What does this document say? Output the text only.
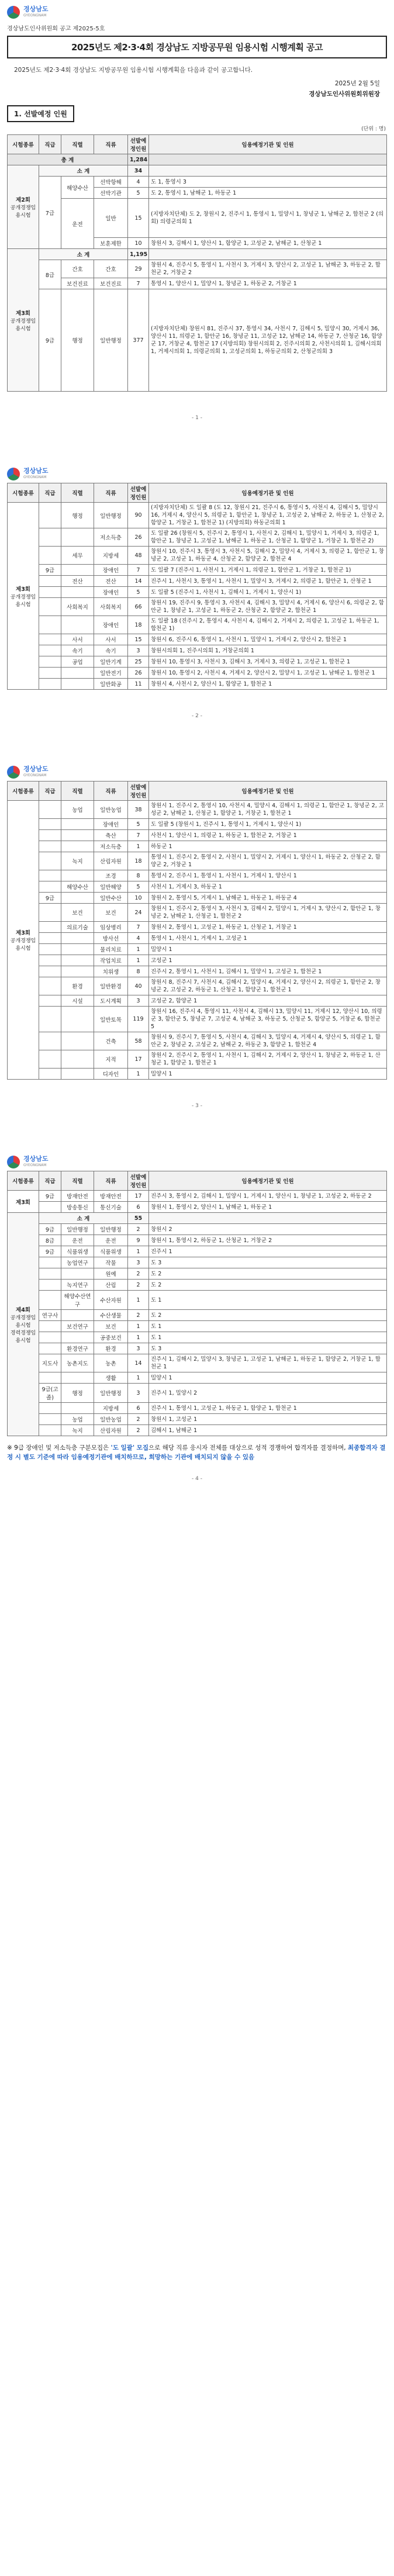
경상남도
GYEONGNAM
경상남도인사위원회 공고 제2025-5호
2025년도 제2·3·4회 경상남도 지방공무원 임용시험 시행계획 공고
2025년도 제2·3·4회 경상남도 지방공무원 임용시험 시행계획을 다음과 같이 공고합니다.
2025년 2월 5일
경상남도인사위원회위원장
1. 선발예정 인원
(단위 : 명)
시험종류	직급	직렬	직류	선발예정인원	임용예정기관 및 인원
총 계				1,284	

제2회
공개경쟁임용시험	소 계			34	
	7급	해양수산	선박항해	4	도 1, 통영시 3
			선박기관	5	도 2, 통영시 1, 남해군 1, 하동군 1
		운전	일반	15	(지방자치단체) 도 2, 창원시 2, 진주시 1, 통영시 1, 밀양시 1, 창녕군 1, 남해군 2, 합천군 2 (의회) 의령군의회 1
			보훈제한	10	창원시 3, 김해시 1, 양산시 1, 함양군 1, 고성군 2, 남해군 1, 산청군 1

제3회
공개경쟁임용시험	소 계			1,195	
	8급	간호	간호	29	창원시 4, 진주시 5, 통영시 1, 사천시 3, 거제시 3, 양산시 2, 고성군 1, 남해군 3, 하동군 2, 합천군 2, 거창군 2
		보건진료	보건진료	7	통영시 1, 양산시 1, 밀양시 1, 창녕군 1, 하동군 2, 거창군 1
	9급	행정	일반행정	377	(지방자치단체) 창원시 81, 진주시 37, 통영시 34, 사천시 7, 김해시 5, 밀양시 30, 거제시 36, 양산시 11, 의령군 1, 함안군 16, 창녕군 11, 고성군 12, 남해군 14, 하동군 7, 산청군 16, 함양군 17, 거창군 4, 합천군 17 (지방의회) 창원시의회 2, 진주시의회 2, 사천시의회 1, 김해시의회 1, 거제시의회 1, 의령군의회 1, 고성군의회 1, 하동군의회 2, 산청군의회 3
- 1 -
경상남도
GYEONGNAM
시험종류	직급	직렬	직류	선발예정인원	임용예정기관 및 인원

제3회
공개경쟁임용시험		행정	일반행정	90	(지방자치단체) 도 일괄 8 (도 12, 창원시 21, 진주시 6, 통영시 5, 사천시 4, 김해시 5, 밀양시 16, 거제시 4, 양산시 5, 의령군 1, 함안군 1, 창녕군 1, 고성군 2, 남해군 2, 하동군 1, 산청군 2, 함양군 1, 거창군 1, 합천군 1) (지방의회) 하동군의회 1
			저소득층	26	도 일괄 26 (창원시 5, 진주시 2, 통영시 1, 사천시 2, 김해시 1, 밀양시 1, 거제시 3, 의령군 1, 함안군 1, 창녕군 1, 고성군 1, 남해군 1, 하동군 1, 산청군 1, 함양군 1, 거창군 1, 합천군 2)
		세무	지방세	48	창원시 10, 진주시 3, 통영시 3, 사천시 5, 김해시 2, 밀양시 4, 거제시 3, 의령군 1, 함안군 1, 창녕군 2, 고성군 1, 하동군 4, 산청군 2, 함양군 2, 합천군 4
	9급		장애인	7	도 일괄 7 (진주시 1, 사천시 1, 거제시 1, 의령군 1, 함안군 1, 거창군 1, 합천군 1)
		전산	전산	14	진주시 1, 사천시 3, 통영시 1, 사천시 1, 밀양시 3, 거제시 2, 의령군 1, 함안군 1, 산청군 1
			장애인	5	도 일괄 5 (진주시 1, 사천시 1, 김해시 1, 거제시 1, 양산시 1)
		사회복지	사회복지	66	창원시 19, 진주시 9, 통영시 3, 사천시 4, 김해시 3, 밀양시 4, 거제시 6, 양산시 6, 의령군 2, 함안군 1, 창녕군 1, 고성군 1, 하동군 2, 산청군 2, 함양군 2, 합천군 1
			장애인	18	도 일괄 18 (진주시 2, 통영시 4, 사천시 4, 김해시 2, 거제시 2, 의령군 1, 고성군 1, 하동군 1, 합천군 1)
		사서	사서	15	창원시 6, 진주시 6, 통영시 1, 사천시 1, 밀양시 1, 거제시 2, 양산시 2, 합천군 1
		속기	속기	3	창원시의회 1, 진주시의회 1, 거창군의회 1
		공업	일반기계	25	창원시 10, 통영시 3, 사천시 3, 김해시 3, 거제시 3, 의령군 1, 고성군 1, 합천군 1
			일반전기	26	창원시 10, 통영시 2, 사천시 4, 거제시 2, 양산시 2, 밀양시 1, 고성군 1, 남해군 1, 합천군 1
			일반화공	11	창원시 4, 사천시 2, 양산시 1, 함양군 1, 합천군 1
- 2 -
경상남도
GYEONGNAM
시험종류	직급	직렬	직류	선발예정인원	임용예정기관 및 인원

제3회
공개경쟁임용시험		농업	일반농업	38	창원시 1, 진주시 2, 통영시 10, 사천시 4, 밀양시 4, 김해시 1, 의령군 1, 함안군 1, 창녕군 2, 고성군 2, 남해군 1, 산청군 1, 함양군 1, 거창군 1, 합천군 1
			장애인	5	도 일괄 5 (창원시 1, 진주시 1, 통영시 1, 거제시 1, 양산시 1)
			축산	7	사천시 1, 양산시 1, 의령군 1, 하동군 1, 합천군 2, 거창군 1
			저소득층	1	하동군 1
		녹지	산림자원	18	통영시 1, 진주시 2, 통영시 2, 사천시 1, 밀양시 2, 거제시 1, 양산시 1, 하동군 2, 산청군 2, 함양군 2, 거창군 1
			조경	8	통영시 2, 진주시 1, 통영시 1, 사천시 1, 거제시 1, 양산시 1
		해양수산	일반해양	5	사천시 1, 거제시 3, 하동군 1
	9급		일반수산	10	창원시 2, 통영시 5, 거제시 1, 남해군 1, 하동군 1, 하동군 4
		보건	보건	24	창원시 1, 진주시 2, 통영시 3, 사천시 3, 김해시 2, 밀양시 1, 거제시 3, 양산시 2, 함안군 1, 창녕군 2, 남해군 1, 산청군 1, 합천군 2
		의료기술	임상병리	7	창원시 2, 통영시 1, 고성군 1, 하동군 1, 산청군 1, 거창군 1
			방사선	4	통영시 1, 사천시 1, 거제시 1, 고성군 1
			물리치료	1	밀양시 1
			작업치료	1	고성군 1
			치위생	8	진주시 2, 통영시 1, 사천시 1, 김해시 1, 밀양시 1, 고성군 1, 합천군 1
		환경	일반환경	40	창원시 8, 진주시 7, 사천시 4, 김해시 2, 밀양시 4, 거제시 2, 양산시 2, 의령군 1, 함안군 2, 창녕군 2, 고성군 2, 하동군 1, 산청군 1, 함양군 1, 합천군 1
		시설	도시계획	3	고성군 2, 함양군 1
			일반토목	119	창원시 16, 진주시 4, 통영시 11, 사천시 4, 김해시 13, 밀양시 11, 거제시 12, 양산시 10, 의령군 3, 함안군 5, 창녕군 7, 고성군 4, 남해군 3, 하동군 5, 산청군 5, 함양군 5, 거창군 6, 합천군 5
			건축	58	창원시 9, 진주시 7, 통영시 5, 사천시 4, 김해시 3, 밀양시 4, 거제시 4, 양산시 5, 의령군 1, 함안군 2, 창녕군 2, 고성군 2, 남해군 2, 하동군 3, 함양군 1, 합천군 4
			지적	17	창원시 2, 진주시 2, 통영시 1, 사천시 1, 김해시 2, 거제시 2, 양산시 1, 창녕군 2, 하동군 1, 산청군 1, 함양군 1, 합천군 1
			디자인	1	밀양시 1
- 3 -
경상남도
GYEONGNAM
시험종류	직급	직렬	직류	선발예정인원	임용예정기관 및 인원
제3회	9급	방재안전	방재안전	17	진주시 3, 통영시 2, 김해시 1, 밀양시 1, 거제시 1, 양산시 1, 창녕군 1, 고성군 2, 하동군 2
		방송통신	통신기술	6	창원시 1, 통영시 2, 양산시 1, 남해군 1, 하동군 1

제4회
공개경쟁임용시험
경력경쟁임용시험	소 계			55	
	9급	일반행정	일반행정	2	창원시 2
	8급	운전	운전	9	창원시 1, 통영시 2, 하동군 1, 산청군 1, 거창군 2
	9급	식품위생	식품위생	1	진주시 1
		농업연구	작물	3	도 3
			원예	2	도 2
		녹지연구	산림	2	도 2
		해양수산연구	수산자원	1	도 1
	연구사		수산생물	2	도 2
		보건연구	보건	1	도 1
			공중보건	1	도 1
		환경연구	환경	3	도 3
	지도사	농촌지도	농촌	14	진주시 1, 김해시 2, 밀양시 3, 창녕군 1, 고성군 1, 남해군 1, 하동군 1, 함양군 2, 거창군 1, 합천군 1
			생활	1	밀양시 1
	9급(고졸)	행정	일반행정	3	진주시 1, 밀양시 2
			지방세	6	진주시 1, 통영시 1, 고성군 1, 하동군 1, 함양군 1, 합천군 1
		농업	일반농업	2	창원시 1, 고성군 1
		녹지	산림자원	2	김해시 1, 남해군 1
※ 9급 장애인 및 저소득층 구분모집은 '도 일괄' 모집으로 해당 직류 응시자 전체를 대상으로 성적 경쟁하여 합격자를 결정하며, 최종합격자 결정 시 별도 기준에 따라 임용예정기관에 배치하므로, 희망하는 기관에 배치되지 않을 수 있음
- 4 -
